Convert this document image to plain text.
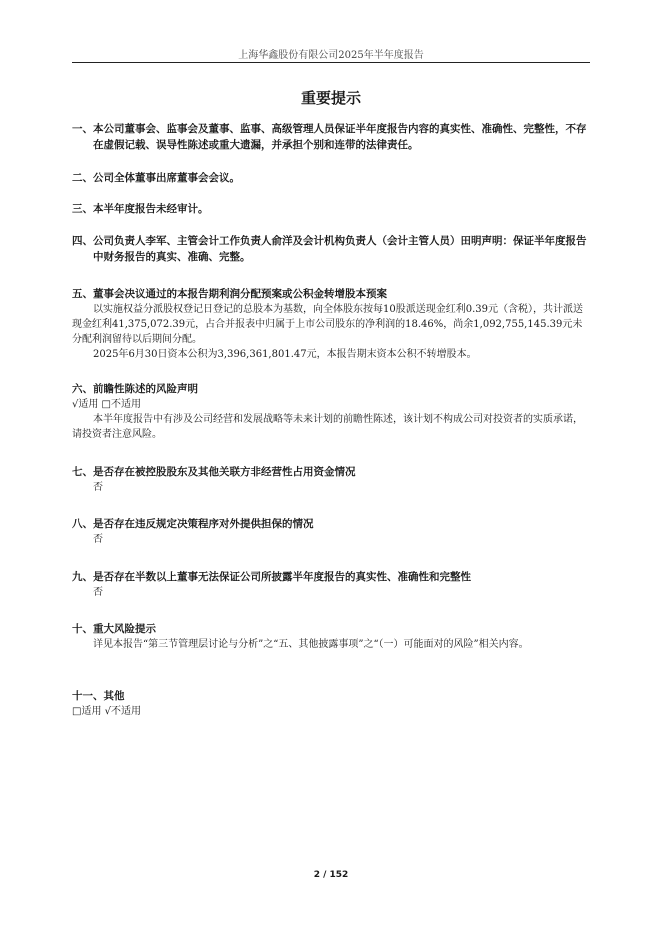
上海华鑫股份有限公司2025年半年度报告
重要提示
一、本公司董事会、监事会及董事、监事、高级管理人员保证半年度报告内容的真实性、准确性、完整性，不存在虚假记载、误导性陈述或重大遗漏，并承担个别和连带的法律责任。
二、公司全体董事出席董事会会议。
三、本半年度报告未经审计。
四、公司负责人李军、主管会计工作负责人俞洋及会计机构负责人（会计主管人员）田明声明：保证半年度报告中财务报告的真实、准确、完整。
五、董事会决议通过的本报告期利润分配预案或公积金转增股本预案
以实施权益分派股权登记日登记的总股本为基数，向全体股东按每10股派送现金红利0.39元（含税），共计派送现金红利41,375,072.39元，占合并报表中归属于上市公司股东的净利润的18.46%，尚余1,092,755,145.39元未分配利润留待以后期间分配。
2025年6月30日资本公积为3,396,361,801.47元，本报告期末资本公积不转增股本。
六、前瞻性陈述的风险声明
√适用 □不适用
本半年度报告中有涉及公司经营和发展战略等未来计划的前瞻性陈述，该计划不构成公司对投资者的实质承诺，请投资者注意风险。
七、是否存在被控股股东及其他关联方非经营性占用资金情况
否
八、是否存在违反规定决策程序对外提供担保的情况
否
九、是否存在半数以上董事无法保证公司所披露半年度报告的真实性、准确性和完整性
否
十、重大风险提示
详见本报告“第三节管理层讨论与分析”之“五、其他披露事项”之“（一）可能面对的风险”相关内容。
十一、其他
□适用 √不适用
2 / 152
